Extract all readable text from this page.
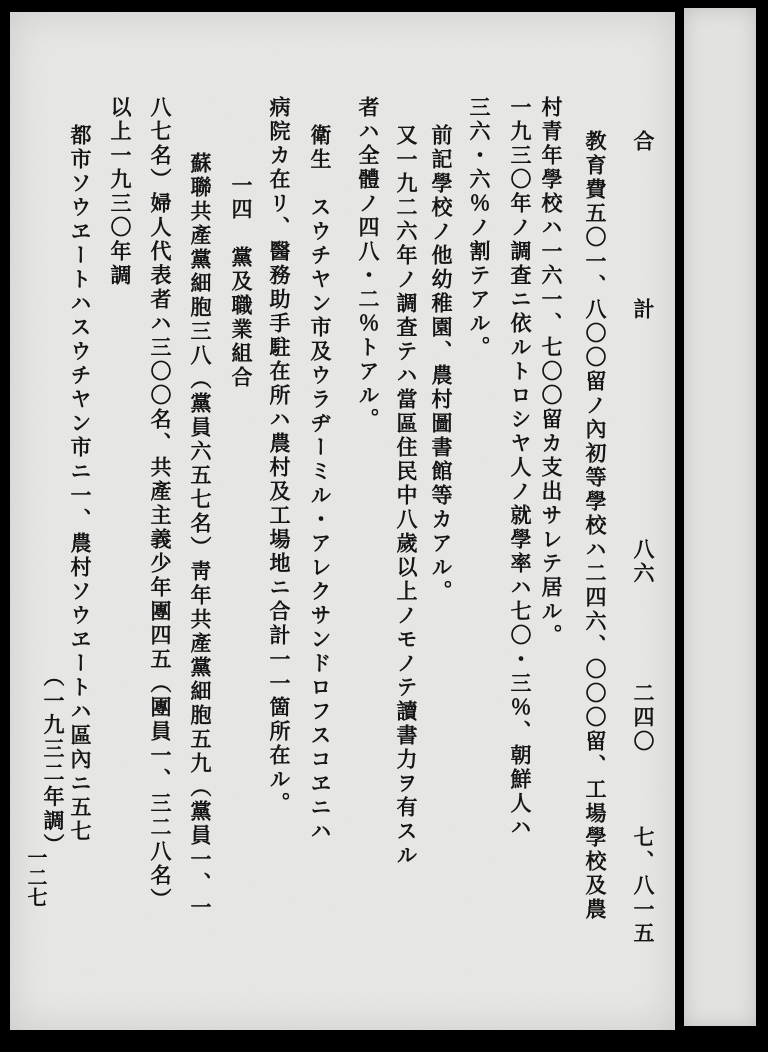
合　　　　　　計　　　　　　　　　八六　　　　二四〇　　　七、八一五
教育費五〇一、八〇〇留ノ內初等學校ハ二四六、〇〇〇留、工場學校及農
村青年學校ハ一六一、七〇〇留カ支出サレテ居ル。
一九三〇年ノ調査ニ依ルトロシヤ人ノ就學率ハ七〇・三％、朝鮮人ハ
三六・六％ノ割テアル。
前記學校ノ他幼稚園、農村圖書館等カアル。
又一九二六年ノ調査テハ當區住民中八歲以上ノモノテ讀書力ヲ有スル
者ハ全體ノ四八・二％トアル。
衛生　スウチヤン市及ウラヂーミル・アレクサンドロフスコヱニハ
病院カ在リ、醫務助手駐在所ハ農村及工場地ニ合計一一箇所在ル。
一四　黨及職業組合
蘇聯共產黨細胞三八（黨員六五七名）靑年共產黨細胞五九（黨員一、一
八七名）婦人代表者ハ三〇〇名、共產主義少年團四五（團員一、三二八名）
以上一九三〇年調
都市ソウヱートハスウチヤン市ニ一、農村ソウヱートハ區內ニ五七
　　　　　　　　　　　　　　　　　　　　　　　（一九三二年調）
一二七
